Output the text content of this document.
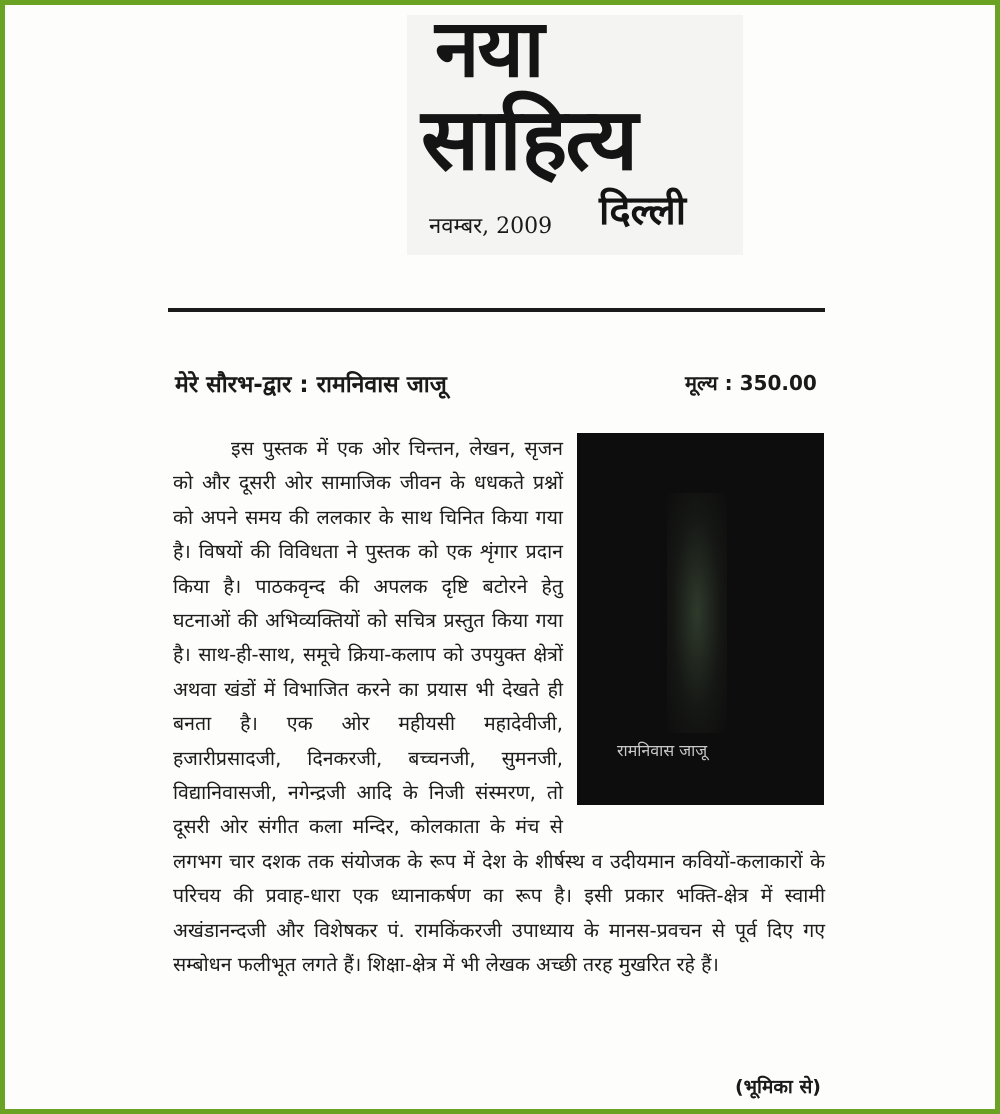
नया
साहित्य
नवम्बर, 2009 दिल्ली
मेरे सौरभ-द्वार : रामनिवास जाजू	मूल्य : 350.00
रामनिवास जाजू

इस पुस्तक में एक ओर चिन्तन, लेखन, सृजन को और दूसरी ओर सामाजिक जीवन के धधकते प्रश्नों को अपने समय की ललकार के साथ चिनित किया गया है। विषयों की विविधता ने पुस्तक को एक शृंगार प्रदान किया है। पाठकवृन्द की अपलक दृष्टि बटोरने हेतु घटनाओं की अभिव्यक्तियों को सचित्र प्रस्तुत किया गया है। साथ-ही-साथ, समूचे क्रिया-कलाप को उपयुक्त क्षेत्रों अथवा खंडों में विभाजित करने का प्रयास भी देखते ही बनता है। एक ओर महीयसी महादेवीजी, हजारीप्रसादजी, दिनकरजी, बच्चनजी, सुमनजी, विद्यानिवासजी, नगेन्द्रजी आदि के निजी संस्मरण, तो दूसरी ओर संगीत कला मन्दिर, कोलकाता के मंच से लगभग चार दशक तक संयोजक के रूप में देश के शीर्षस्थ व उदीयमान कवियों-कलाकारों के परिचय की प्रवाह-धारा एक ध्यानाकर्षण का रूप है। इसी प्रकार भक्ति-क्षेत्र में स्वामी अखंडानन्दजी और विशेषकर पं. रामकिंकरजी उपाध्याय के मानस-प्रवचन से पूर्व दिए गए सम्बोधन फलीभूत लगते हैं। शिक्षा-क्षेत्र में भी लेखक अच्छी तरह मुखरित रहे हैं।

(भूमिका से)
